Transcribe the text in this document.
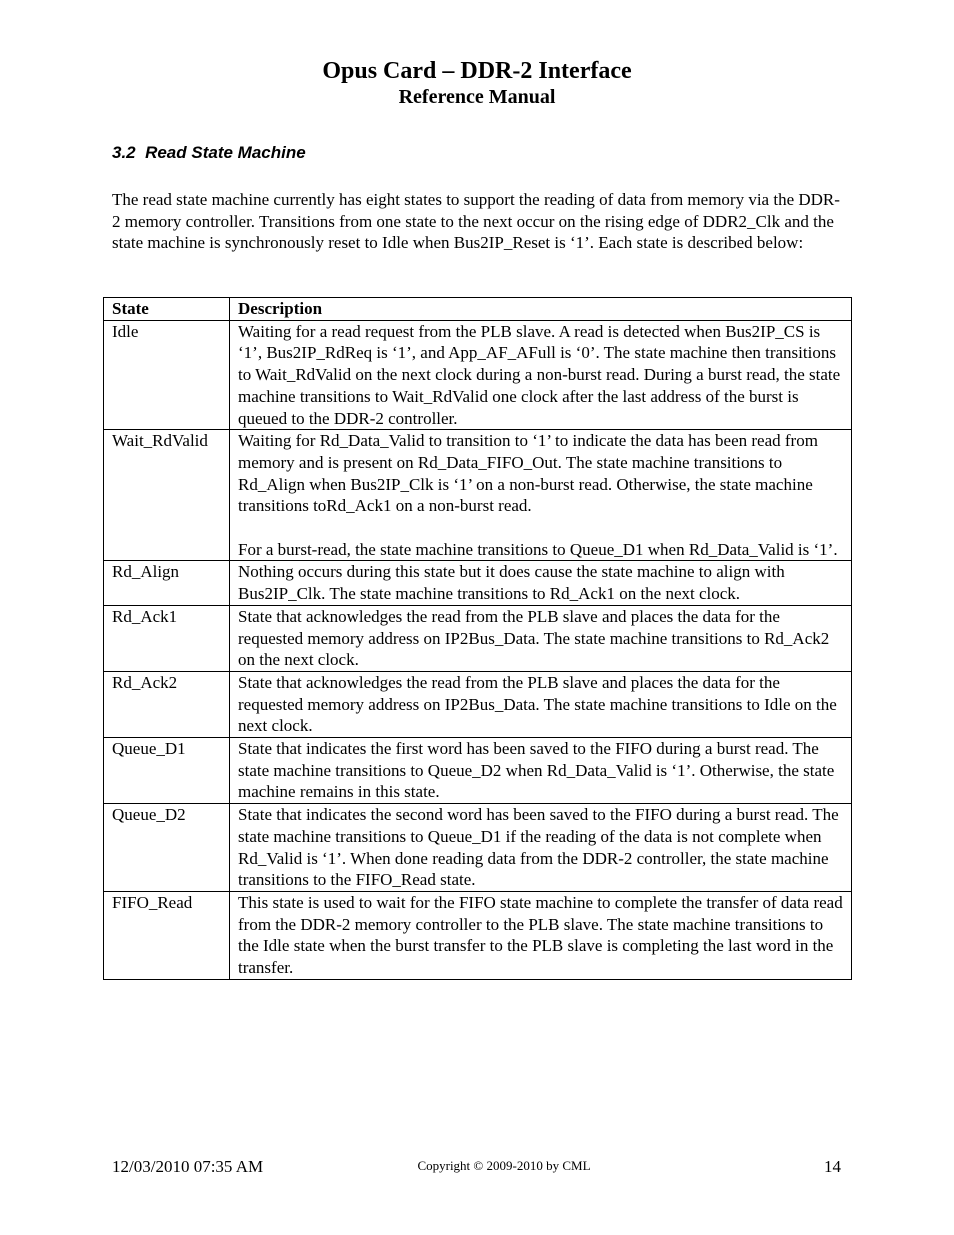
Opus Card – DDR-2 Interface
Reference Manual
3.2  Read State Machine

The read state machine currently has eight states to support the reading of data from memory via the DDR-2 memory controller. Transitions from one state to the next occur on the rising edge of DDR2_Clk and the state machine is synchronously reset to Idle when Bus2IP_Reset is ‘1’. Each state is described below:

State	Description
Idle	Waiting for a read request from the PLB slave. A read is detected when Bus2IP_CS is ‘1’, Bus2IP_RdReq is ‘1’, and App_AF_AFull is ‘0’. The state machine then transitions to Wait_RdValid on the next clock during a non-burst read. During a burst read, the state machine transitions to Wait_RdValid one clock after the last address of the burst is queued to the DDR-2 controller.

Wait_RdValid	Waiting for Rd_Data_Valid to transition to ‘1’ to indicate the data has been read from memory and is present on Rd_Data_FIFO_Out. The state machine transitions to Rd_Align when Bus2IP_Clk is ‘1’ on a non-burst read. Otherwise, the state machine transitions toRd_Ack1 on a non-burst read.

For a burst-read, the state machine transitions to Queue_D1 when Rd_Data_Valid is ‘1’.

Rd_Align	Nothing occurs during this state but it does cause the state machine to align with Bus2IP_Clk. The state machine transitions to Rd_Ack1 on the next clock.

Rd_Ack1	State that acknowledges the read from the PLB slave and places the data for the requested memory address on IP2Bus_Data. The state machine transitions to Rd_Ack2 on the next clock.

Rd_Ack2	State that acknowledges the read from the PLB slave and places the data for the requested memory address on IP2Bus_Data. The state machine transitions to Idle on the next clock.

Queue_D1	State that indicates the first word has been saved to the FIFO during a burst read. The state machine transitions to Queue_D2 when Rd_Data_Valid is ‘1’. Otherwise, the state machine remains in this state.

Queue_D2	State that indicates the second word has been saved to the FIFO during a burst read. The state machine transitions to Queue_D1 if the reading of the data is not complete when Rd_Valid is ‘1’. When done reading data from the DDR-2 controller, the state machine transitions to the FIFO_Read state.

FIFO_Read	This state is used to wait for the FIFO state machine to complete the transfer of data read from the DDR-2 memory controller to the PLB slave. The state machine transitions to the Idle state when the burst transfer to the PLB slave is completing the last word in the transfer.

12/03/2010 07:35 AM	Copyright © 2009-2010 by CML	14
